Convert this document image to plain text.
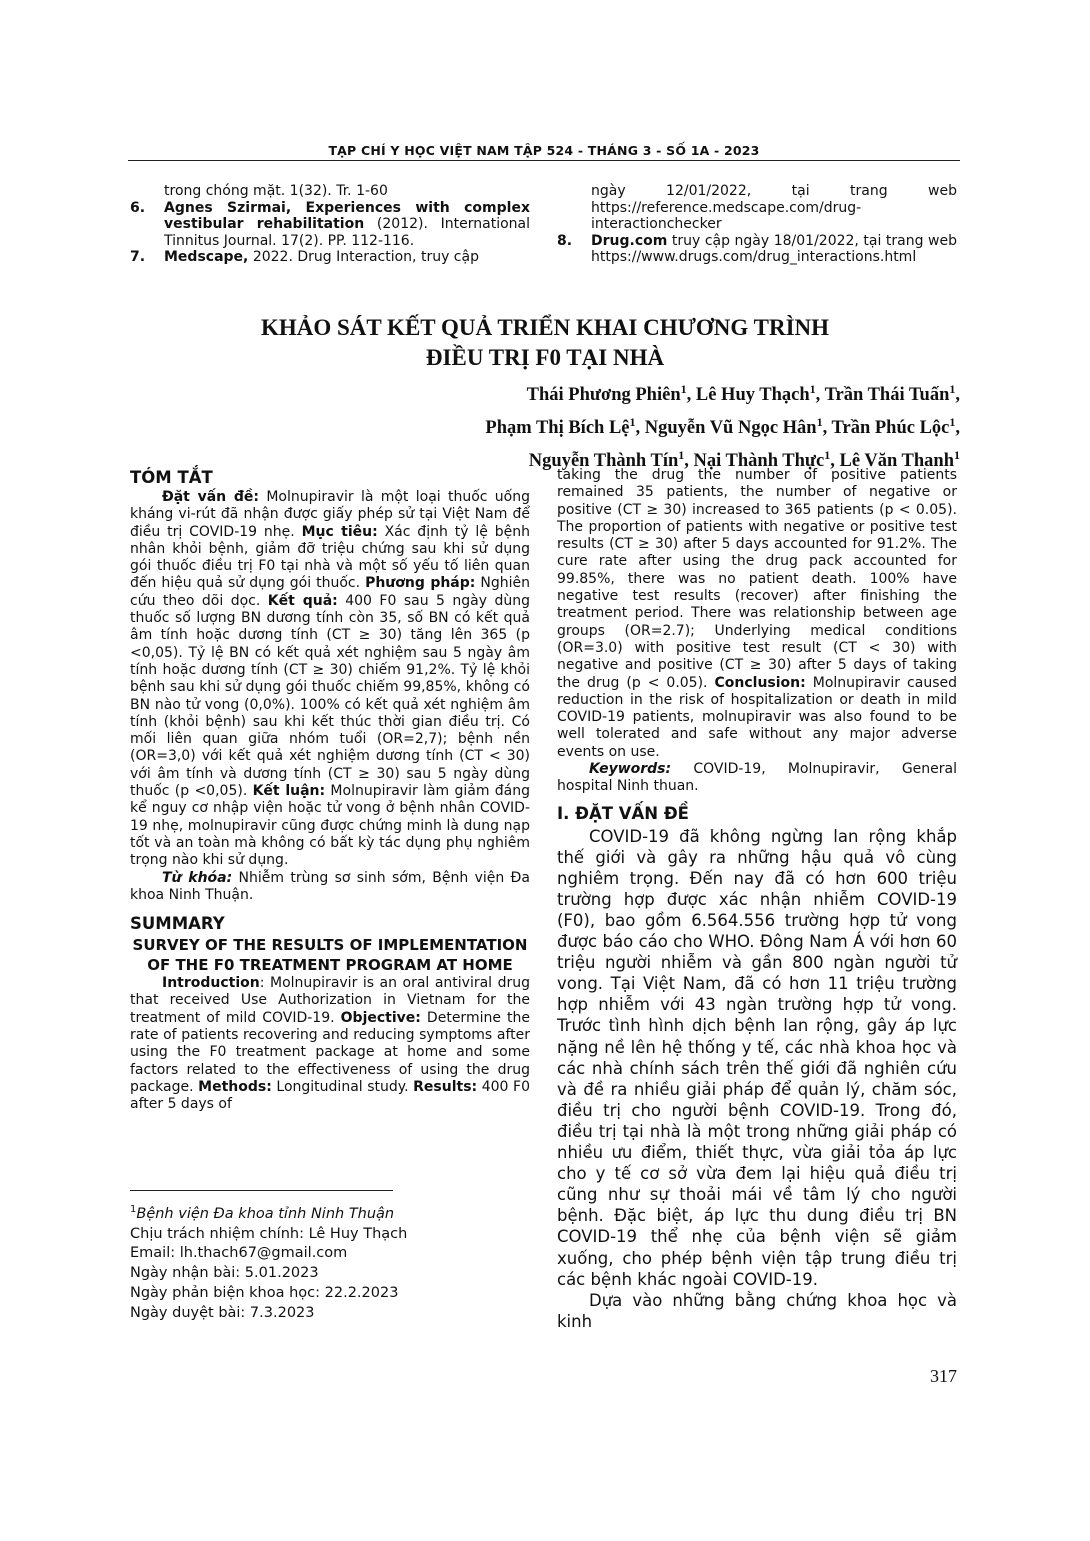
TẠP CHÍ Y HỌC VIỆT NAM TẬP 524 - THÁNG 3 - SỐ 1A - 2023
trong chóng mặt. 1(32). Tr. 1-60
6. Agnes Szirmai, Experiences with complex vestibular rehabilitation (2012). International Tinnitus Journal. 17(2). PP. 112-116.
7. Medscape, 2022. Drug Interaction, truy cập
ngày 12/01/2022, tại trang web https://reference.medscape.com/drug-interactionchecker
8. Drug.com truy cập ngày 18/01/2022, tại trang web https://www.drugs.com/drug_interactions.html
KHẢO SÁT KẾT QUẢ TRIỂN KHAI CHƯƠNG TRÌNH
ĐIỀU TRỊ F0 TẠI NHÀ
Thái Phương Phiên$^1$, Lê Huy Thạch$^1$, Trần Thái Tuấn$^1$,
Phạm Thị Bích Lệ$^1$, Nguyễn Vũ Ngọc Hân$^1$, Trần Phúc Lộc$^1$,
Nguyễn Thành Tín$^1$, Nại Thành Thực$^1$, Lê Văn Thanh$^1$
TÓM TẮT

Đặt vấn đề: Molnupiravir là một loại thuốc uống kháng vi-rút đã nhận được giấy phép sử tại Việt Nam để điều trị COVID-19 nhẹ. Mục tiêu: Xác định tỷ lệ bệnh nhân khỏi bệnh, giảm đỡ triệu chứng sau khi sử dụng gói thuốc điều trị F0 tại nhà và một số yếu tố liên quan đến hiệu quả sử dụng gói thuốc. Phương pháp: Nghiên cứu theo dõi dọc. Kết quả: 400 F0 sau 5 ngày dùng thuốc số lượng BN dương tính còn 35, số BN có kết quả âm tính hoặc dương tính (CT ≥ 30) tăng lên 365 (p <0,05). Tỷ lệ BN có kết quả xét nghiệm sau 5 ngày âm tính hoặc dương tính (CT ≥ 30) chiếm 91,2%. Tỷ lệ khỏi bệnh sau khi sử dụng gói thuốc chiếm 99,85%, không có BN nào tử vong (0,0%). 100% có kết quả xét nghiệm âm tính (khỏi bệnh) sau khi kết thúc thời gian điều trị. Có mối liên quan giữa nhóm tuổi (OR=2,7); bệnh nền (OR=3,0) với kết quả xét nghiệm dương tính (CT < 30) với âm tính và dương tính (CT ≥ 30) sau 5 ngày dùng thuốc (p <0,05). Kết luận: Molnupiravir làm giảm đáng kể nguy cơ nhập viện hoặc tử vong ở bệnh nhân COVID-19 nhẹ, molnupiravir cũng được chứng minh là dung nạp tốt và an toàn mà không có bất kỳ tác dụng phụ nghiêm trọng nào khi sử dụng.

Từ khóa: Nhiễm trùng sơ sinh sớm, Bệnh viện Đa khoa Ninh Thuận.

SUMMARY
SURVEY OF THE RESULTS OF IMPLEMENTATION OF THE F0 TREATMENT PROGRAM AT HOME

Introduction: Molnupiravir is an oral antiviral drug that received Use Authorization in Vietnam for the treatment of mild COVID-19. Objective: Determine the rate of patients recovering and reducing symptoms after using the F0 treatment package at home and some factors related to the effectiveness of using the drug package. Methods: Longitudinal study. Results: 400 F0 after 5 days of

$^1$Bệnh viện Đa khoa tỉnh Ninh Thuận
Chịu trách nhiệm chính: Lê Huy Thạch
Email: lh.thach67@gmail.com
Ngày nhận bài: 5.01.2023
Ngày phản biện khoa học: 22.2.2023
Ngày duyệt bài: 7.3.2023

taking the drug the number of positive patients remained 35 patients, the number of negative or positive (CT ≥ 30) increased to 365 patients (p < 0.05). The proportion of patients with negative or positive test results (CT ≥ 30) after 5 days accounted for 91.2%. The cure rate after using the drug pack accounted for 99.85%, there was no patient death. 100% have negative test results (recover) after finishing the treatment period. There was relationship between age groups (OR=2.7); Underlying medical conditions (OR=3.0) with positive test result (CT < 30) with negative and positive (CT ≥ 30) after 5 days of taking the drug (p < 0.05). Conclusion: Molnupiravir caused reduction in the risk of hospitalization or death in mild COVID-19 patients, molnupiravir was also found to be well tolerated and safe without any major adverse events on use.

Keywords: COVID-19, Molnupiravir, General hospital Ninh thuan.

I. ĐẶT VẤN ĐỀ

COVID-19 đã không ngừng lan rộng khắp thế giới và gây ra những hậu quả vô cùng nghiêm trọng. Đến nay đã có hơn 600 triệu trường hợp được xác nhận nhiễm COVID-19 (F0), bao gồm 6.564.556 trường hợp tử vong được báo cáo cho WHO. Đông Nam Á với hơn 60 triệu người nhiễm và gần 800 ngàn người tử vong. Tại Việt Nam, đã có hơn 11 triệu trường hợp nhiễm với 43 ngàn trường hợp tử vong. Trước tình hình dịch bệnh lan rộng, gây áp lực nặng nề lên hệ thống y tế, các nhà khoa học và các nhà chính sách trên thế giới đã nghiên cứu và đề ra nhiều giải pháp để quản lý, chăm sóc, điều trị cho người bệnh COVID-19. Trong đó, điều trị tại nhà là một trong những giải pháp có nhiều ưu điểm, thiết thực, vừa giải tỏa áp lực cho y tế cơ sở vừa đem lại hiệu quả điều trị cũng như sự thoải mái về tâm lý cho người bệnh. Đặc biệt, áp lực thu dung điều trị BN COVID-19 thể nhẹ của bệnh viện sẽ giảm xuống, cho phép bệnh viện tập trung điều trị các bệnh khác ngoài COVID-19.

Dựa vào những bằng chứng khoa học và kinh

317
